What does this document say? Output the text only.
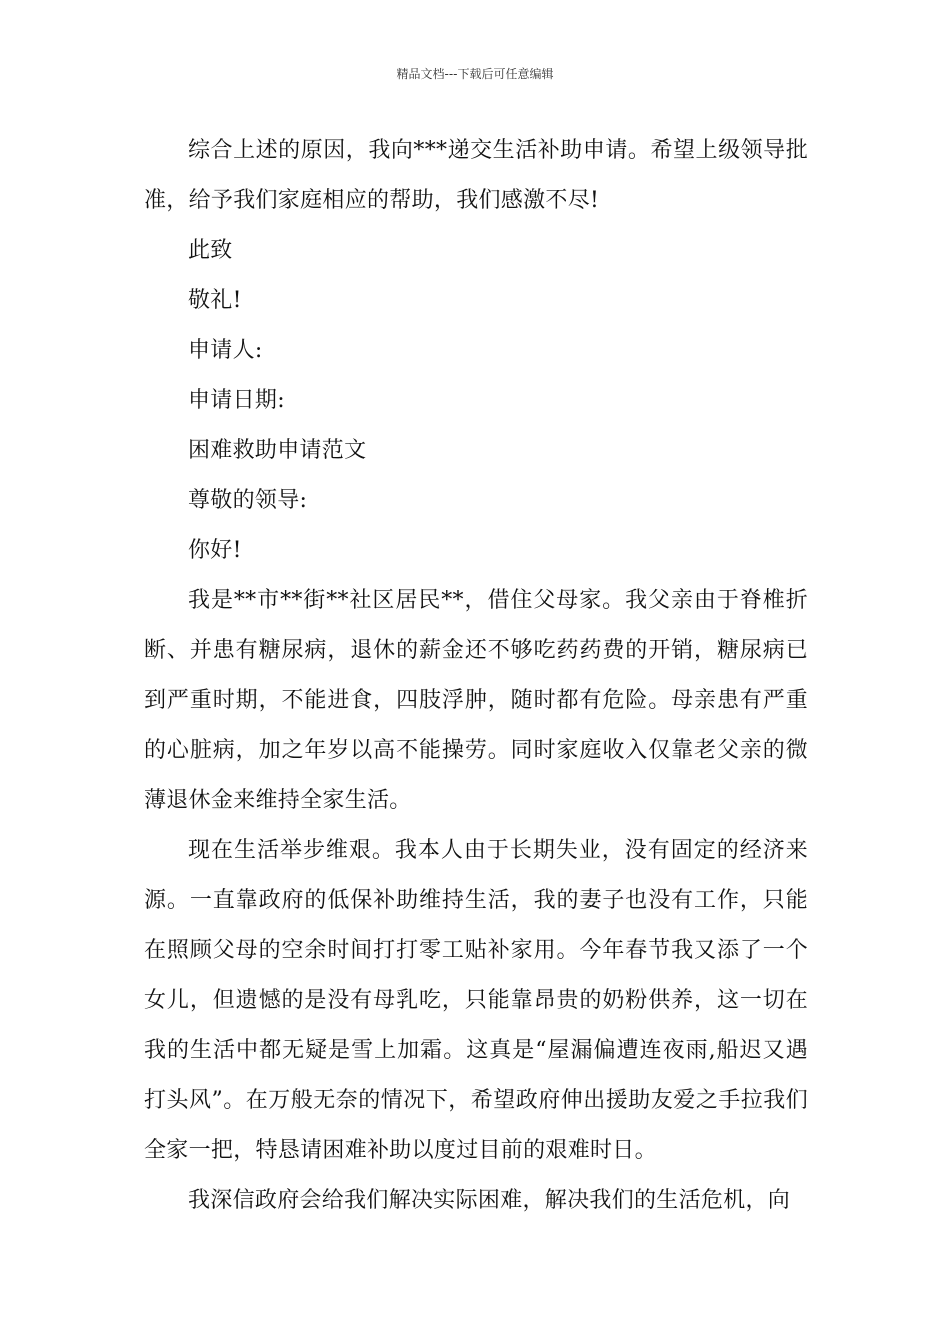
精品文档---下载后可任意编辑

综合上述的原因，我向***递交生活补助申请。希望上级领导批准，给予我们家庭相应的帮助，我们感激不尽!

此致

敬礼!

申请人:

申请日期:

困难救助申请范文

尊敬的领导:

你好!

我是**市**街**社区居民**，借住父母家。我父亲由于脊椎折断、并患有糖尿病，退休的薪金还不够吃药药费的开销，糖尿病已到严重时期，不能进食，四肢浮肿，随时都有危险。母亲患有严重的心脏病，加之年岁以高不能操劳。同时家庭收入仅靠老父亲的微薄退休金来维持全家生活。

现在生活举步维艰。我本人由于长期失业，没有固定的经济来源。一直靠政府的低保补助维持生活，我的妻子也没有工作，只能在照顾父母的空余时间打打零工贴补家用。今年春节我又添了一个女儿，但遗憾的是没有母乳吃，只能靠昂贵的奶粉供养，这一切在我的生活中都无疑是雪上加霜。这真是“屋漏偏遭连夜雨,船迟又遇打头风”。在万般无奈的情况下，希望政府伸出援助友爱之手拉我们全家一把，特恳请困难补助以度过目前的艰难时日。

我深信政府会给我们解决实际困难，解决我们的生活危机，向
